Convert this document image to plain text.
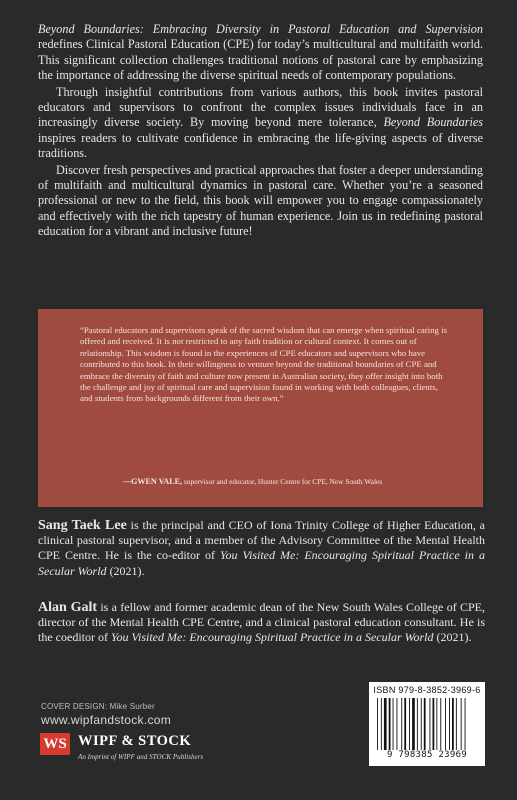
Beyond Boundaries: Embracing Diversity in Pastoral Education and Supervision redefines Clinical Pastoral Education (CPE) for today’s multicultural and multifaith world. This significant collection challenges traditional notions of pastoral care by emphasizing the importance of addressing the diverse spiritual needs of contemporary populations.

Through insightful contributions from various authors, this book invites pastoral educators and supervisors to confront the complex issues individuals face in an increasingly diverse society. By moving beyond mere tolerance, Beyond Boundaries inspires readers to cultivate confidence in embracing the life-giving aspects of diverse traditions.

Discover fresh perspectives and practical approaches that foster a deeper understanding of multifaith and multicultural dynamics in pastoral care. Whether you’re a seasoned professional or new to the field, this book will empower you to engage compassionately and effectively with the rich tapestry of human experience. Join us in redefining pastoral education for a vibrant and inclusive future!

“Pastoral educators and supervisors speak of the sacred wisdom that can emerge when spiritual caring is offered and received. It is not restricted to any faith tradition or cultural context. It comes out of relationship. This wisdom is found in the experiences of CPE educators and supervisors who have contributed to this book. In their willingness to venture beyond the traditional boundaries of CPE and embrace the diversity of faith and culture now present in Australian society, they offer insight into both the challenge and joy of spiritual care and supervision found in working with both colleagues, clients, and students from backgrounds different from their own.”
—GWEN VALE, supervisor and educator, Hunter Centre for CPE, New South Wales
Sang Taek Lee is the principal and CEO of Iona Trinity College of Higher Education, a clinical pastoral supervisor, and a member of the Advisory Committee of the Mental Health CPE Centre. He is the co-editor of You Visited Me: Encouraging Spiritual Practice in a Secular World (2021).
Alan Galt is a fellow and former academic dean of the New South Wales College of CPE, director of the Mental Health CPE Centre, and a clinical pastoral education consultant. He is the coeditor of You Visited Me: Encouraging Spiritual Practice in a Secular World (2021).
COVER DESIGN: Mike Surber
www.wipfandstock.com
WS WIPF & STOCK
An Imprint of WIPF and STOCK Publishers
ISBN 979-8-3852-3969-6
9 798385 23969
